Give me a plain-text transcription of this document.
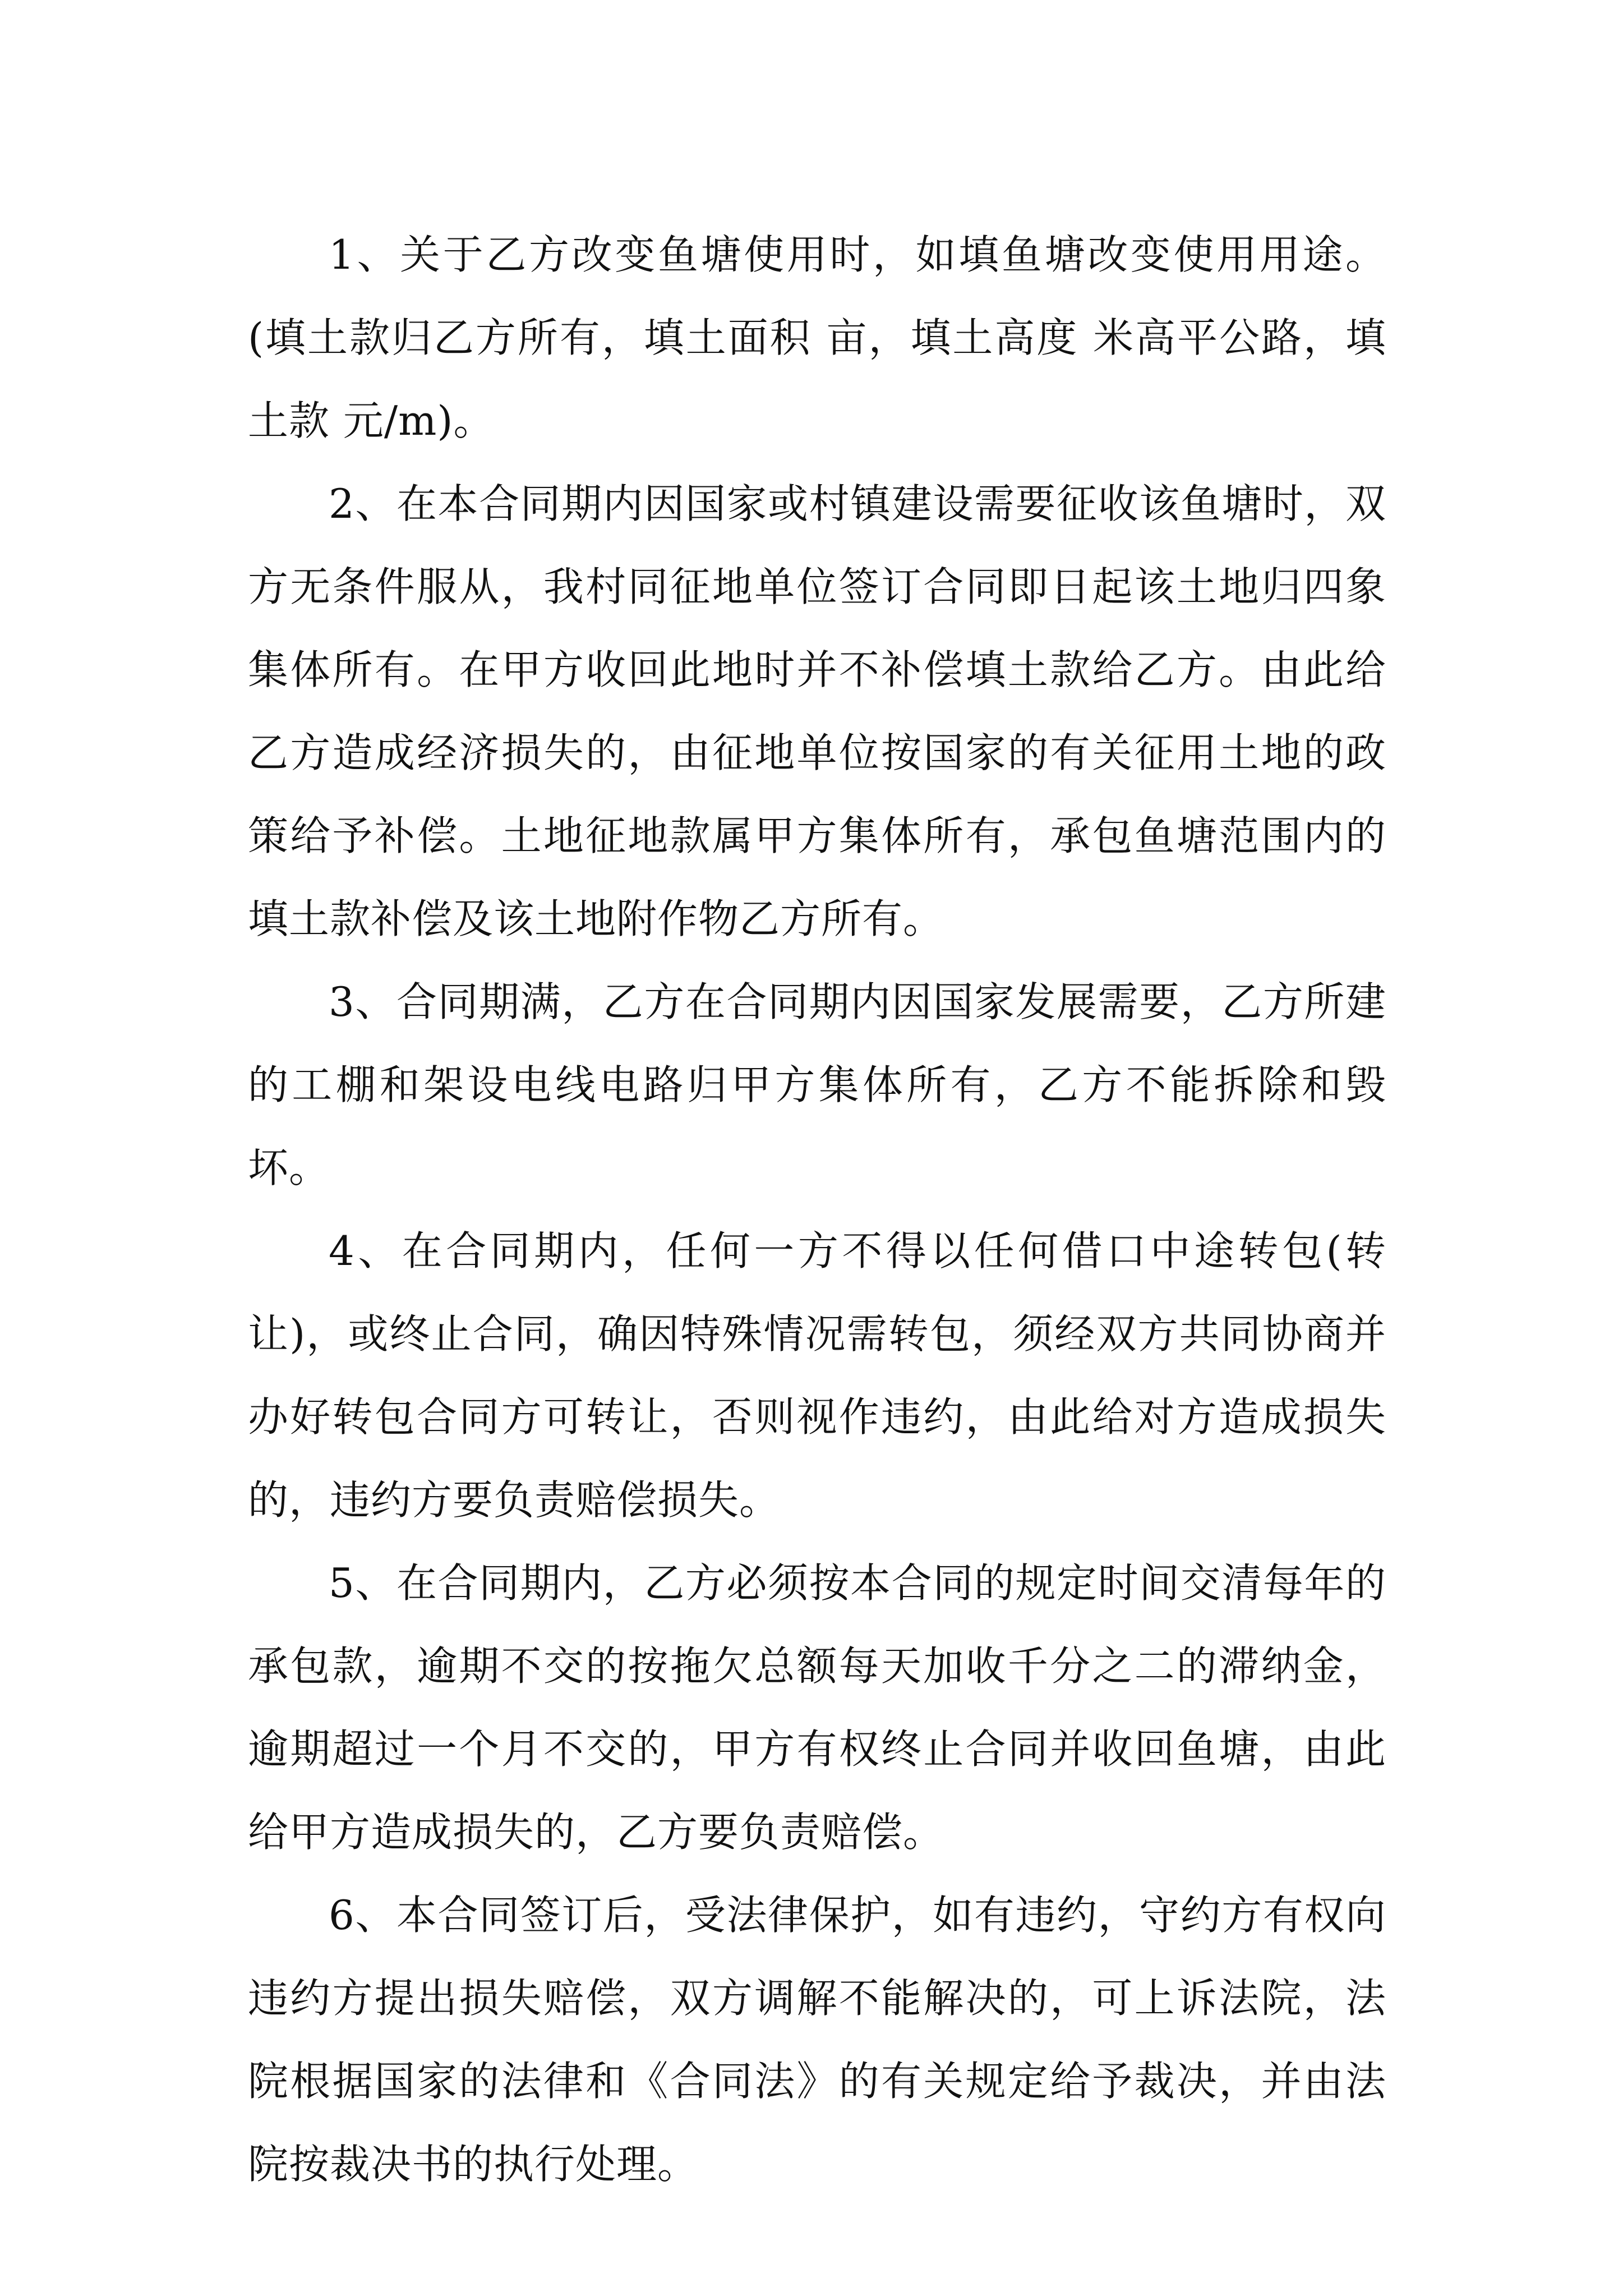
1、关于乙方改变鱼塘使用时，如填鱼塘改变使用用途。(填土款归乙方所有，填土面积 亩，填土高度 米高平公路，填土款 元/m)。

2、在本合同期内因国家或村镇建设需要征收该鱼塘时，双方无条件服从，我村同征地单位签订合同即日起该土地归四象集体所有。在甲方收回此地时并不补偿填土款给乙方。由此给乙方造成经济损失的，由征地单位按国家的有关征用土地的政策给予补偿。土地征地款属甲方集体所有，承包鱼塘范围内的填土款补偿及该土地附作物乙方所有。

3、合同期满，乙方在合同期内因国家发展需要，乙方所建的工棚和架设电线电路归甲方集体所有，乙方不能拆除和毁坏。

4、在合同期内，任何一方不得以任何借口中途转包(转让)，或终止合同，确因特殊情况需转包，须经双方共同协商并办好转包合同方可转让，否则视作违约，由此给对方造成损失的，违约方要负责赔偿损失。

5、在合同期内，乙方必须按本合同的规定时间交清每年的承包款，逾期不交的按拖欠总额每天加收千分之二的滞纳金，逾期超过一个月不交的，甲方有权终止合同并收回鱼塘，由此给甲方造成损失的，乙方要负责赔偿。

6、本合同签订后，受法律保护，如有违约，守约方有权向违约方提出损失赔偿，双方调解不能解决的，可上诉法院，法院根据国家的法律和《合同法》的有关规定给予裁决，并由法院按裁决书的执行处理。
